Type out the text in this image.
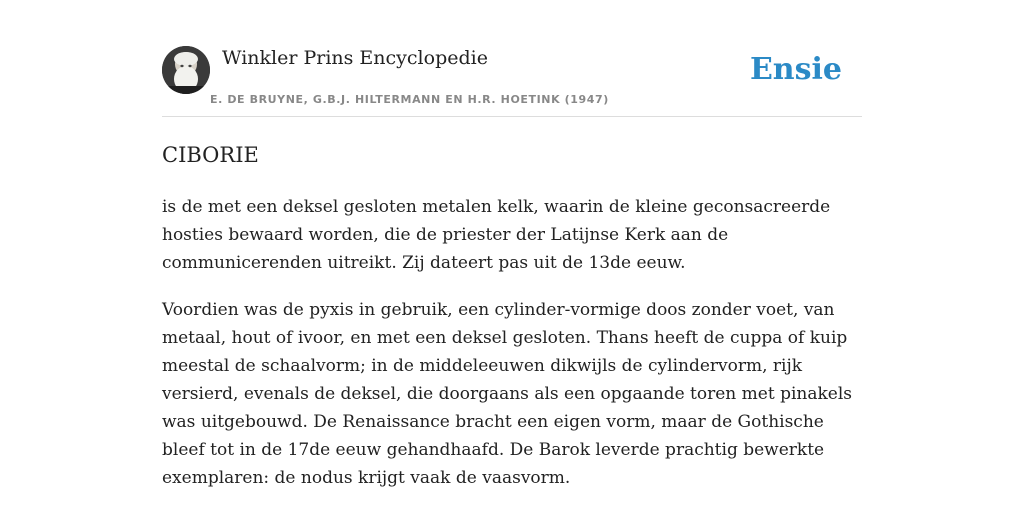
Winkler Prins Encyclopedie
E. DE BRUYNE, G.B.J. HILTERMANN EN H.R. HOETINK (1947)
Ensie
CIBORIE

is de met een deksel gesloten metalen kelk, waarin de kleine geconsacreerde hosties bewaard worden, die de priester der Latijnse Kerk aan de communicerenden uitreikt. Zij dateert pas uit de 13de eeuw.

Voordien was de pyxis in gebruik, een cylinder-vormige doos zonder voet, van metaal, hout of ivoor, en met een deksel gesloten. Thans heeft de cuppa of kuip meestal de schaalvorm; in de middeleeuwen dikwijls de cylindervorm, rijk versierd, evenals de deksel, die doorgaans als een opgaande toren met pinakels was uitgebouwd. De Renaissance bracht een eigen vorm, maar de Gothische bleef tot in de 17de eeuw gehandhaafd. De Barok leverde prachtig bewerkte exemplaren: de nodus krijgt vaak de vaasvorm.
